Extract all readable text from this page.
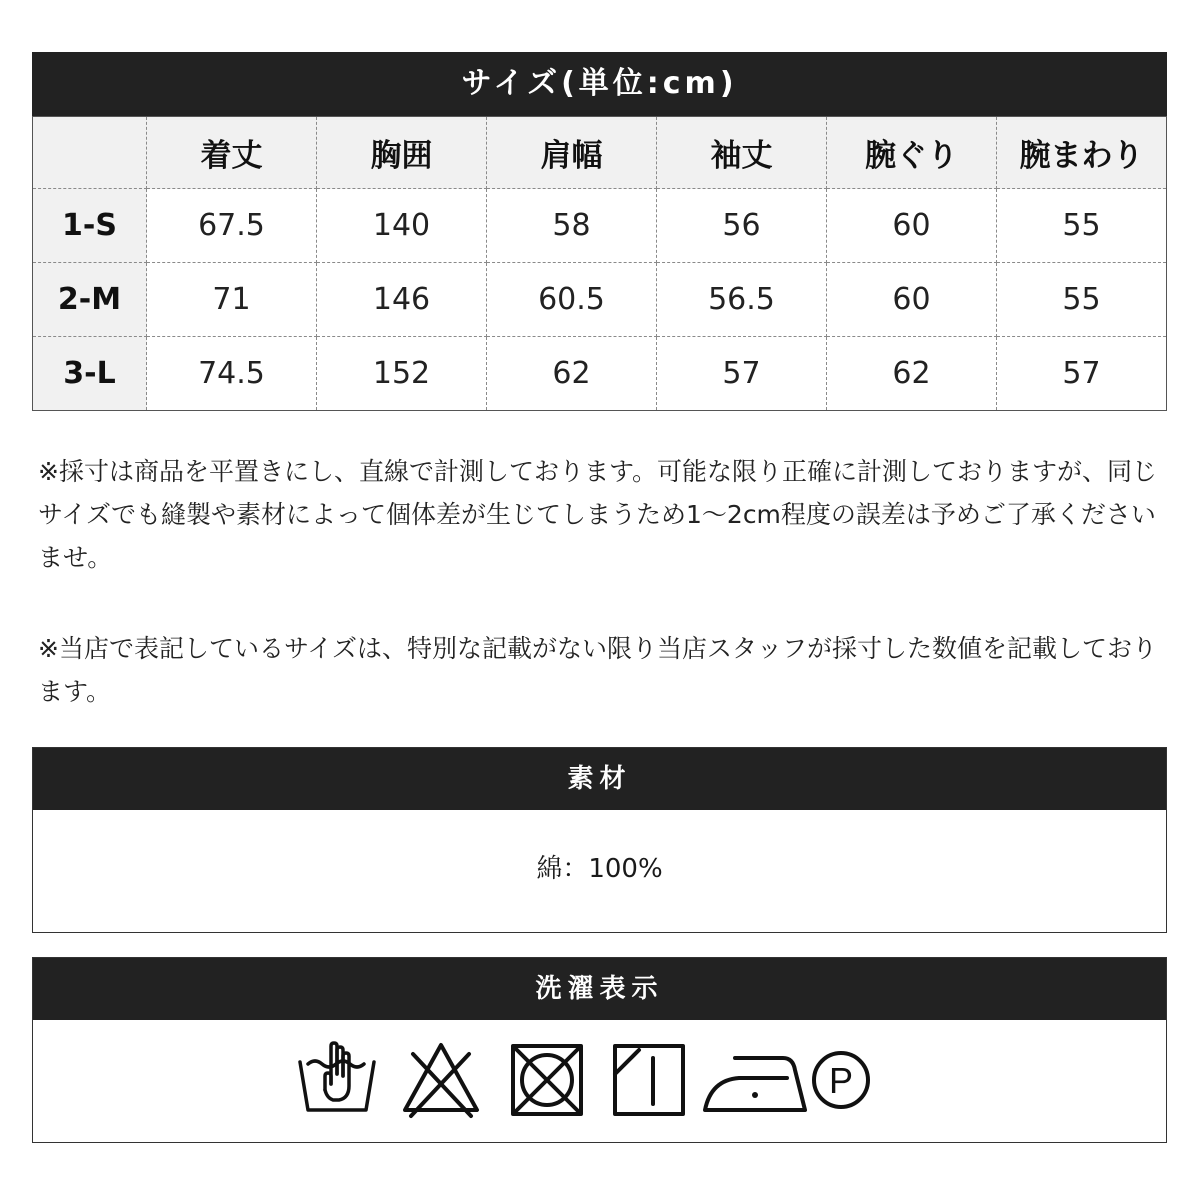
サイズ(単位:cm)
	着丈	胸囲	肩幅	袖丈	腕ぐり	腕まわり
1-S	67.5	140	58	56	60	55
2-M	71	146	60.5	56.5	60	55
3-L	74.5	152	62	57	62	57

※採寸は商品を平置きにし、直線で計測しております。可能な限り正確に計測しておりますが、同じサイズでも縫製や素材によって個体差が生じてしまうため1〜2cm程度の誤差は予めご了承くださいませ。

※当店で表記しているサイズは、特別な記載がない限り当店スタッフが採寸した数値を記載しております。

素材
綿：100%
洗濯表示
P
